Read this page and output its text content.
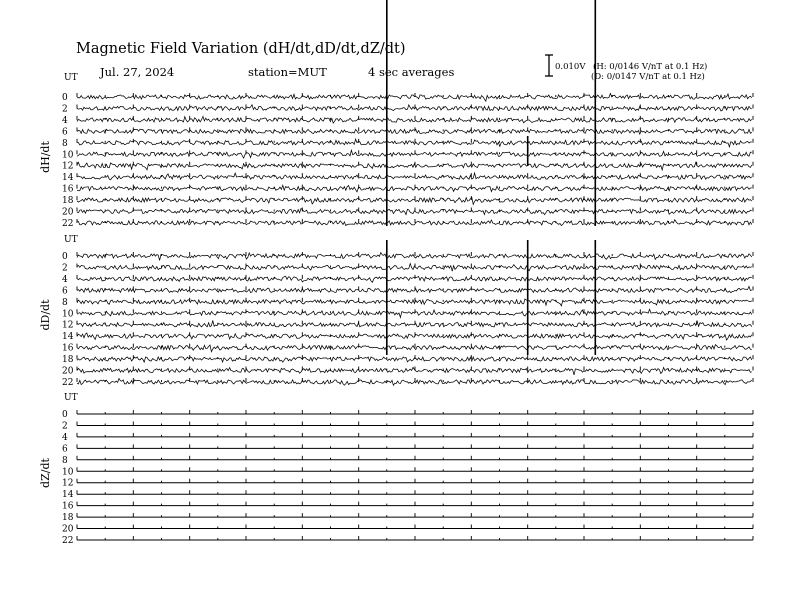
Magnetic Field Variation (dH/dt,dD/dt,dZ/dt)
Jul. 27, 2024	station=MUT	4 sec averages	0.010V (H: 0/0146 V/nT at 0.1 Hz)
(D: 0/0147 V/nT at 0.1 Hz)
UT
dH/dt
0
2
4
6
8
10
12
14
16
18
20
22
UT
dD/dt
0
2
4
6
8
10
12
14
16
18
20
22
UT
dZ/dt
0
2
4
6
8
10
12
14
16
18
20
22
